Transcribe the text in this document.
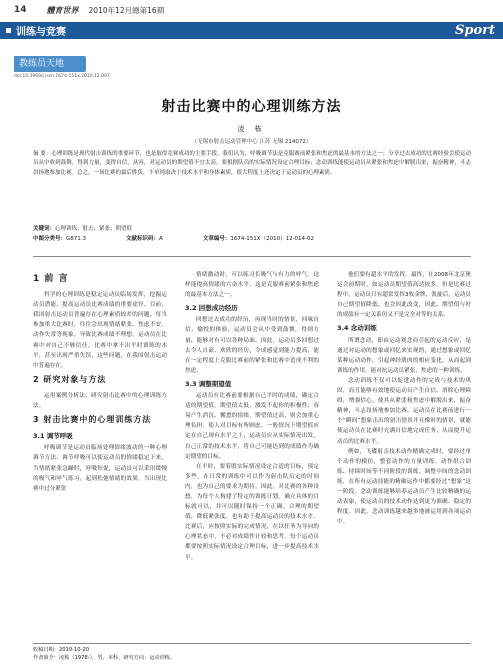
14	體育世界 2010年12月總第16期
训练与竞赛	Sport
教练员天地
doi:10.3969/j.issn.1674-151x.2010.12.007
射击比赛中的心理训练方法
凌 栋
（无锡市射击运动管理中心 江苏 无锡 214072）
摘 要：心理训练是现代射击训练的重要环节，也是取得竞赛成功的主要手段。我们认为，呼吸调节法是克服赛前紧张和焦虑的最基本的方法之一；分享过去成功的比赛经验会使运动员从中收到鼓舞，得到力量，变得自信，从容，对运动员的期望值不宜太高，要根据队员的实际情况设定合理目标；念动训练能使运动员从紧张和焦虑中解脱出来，振奋精神，斗志昂扬地参加比赛。总之，一场比赛的最后胜负，不单纯取决于技术水平和身体素质，很大程度上还决定于运动员的心理素质。
关键词：心理训练；射击；紧张；期望值
中图分类号：G871.3	文献标识码：A	文章编号：1674-151X（2010）12-014-02

1 前 言

科学的心理训练是稳定运动员临场发挥，挖掘运动员潜能、提高运动员比赛成绩的重要途径。目前，我国射击运动员普遍存在心理素质较差的问题，每当参加重大比赛时，往往会出现情绪紧张、焦虑不安、动作失常等现象，导致比赛成绩不理想。运动员在比赛中对自己不够信任，比赛中拿不出平时训练的水平，甚至出现严重失误，这些问题，在我国射击运动中普遍存在。

2 研究对象与方法

运用案例分析法、研究射击比赛中的心理训练方法。

3 射击比赛中的心理训练方法

3.1 调节呼吸

呼吸调节是运动员临场处理情绪波动的一种心理调节方法。调节呼吸可以使运动员的情绪稳定下来，当情绪紧张急躁时，呼吸短促，运动员可以采用缓慢的吸气和呼气练习，起到松弛情绪的效果。当出现比赛中过分紧张

情绪激动时，可以练习长吸气与有力的呼气。这样能提高情绪的兴奋水平，这是克服赛前紧张和焦虑的最基本方法之一。

3.2 回想成功经历

回想过去成功的经历，再现当时的情景，回味自信、愉悦的体验，运动员会从中受到鼓舞，得到力量，能够对有可以各种局面。因此，运动员多回想过去令人自豪、欢欣的经历，令成感觉到能力提高，能在一定程度上克服比赛前的紧张和比赛中造成不利的焦虑。

3.3 调整期望值

运动员在比赛前要根据自己平时的成绩，确定合适的期望值。期望值太低，激发不起你的积极性；容易产生消沉、懈怠的情绪，期望值过高，则会加重心理负担，使人对目标有所顾虑。一般情况下期望值应定在自己现有水平之上，运动员应从实际情况出发，自己正常的技术水平，将自己可能达到的成绩作为确定期望的目标。

在平时，要着眼实际情况设定合适的目标，预定多些，在日常的训练中可以作为射击队员定的时间内，也为自己的要求为期待。因此，对比赛的各种设想，为每个人构建了特定的训练计划。确立具体的目标就可以，并可以随时保持一个正确、合理的期望值，降低紧张度，也有助于提高运动员的技术水平。比赛后，应按照实际的完成情况，在以任务为导向的心理状态中，不必对成绩作计较和思考。每个运动员都要按照实际情况设定合理目标，进一步提高技术水平。

他们要有超水平的发挥。最终，在2008年北京奥运会前期时，如运动员期望值高达较多，但是比赛过程中，运动员只有超常发挥3枚金牌，凯旋后，运动员自己期望值降低，也会因此改变，因此，期望值与好的成绩有一定关系但又不是完全对等的关系。

3.4 念动训练

所谓念动，即由运动观念而引起的运动反应，是通过对运动的想象或回忆来实现的，通过想象或回忆某种运动动作，引起神经肌肉的相应变化，从而起到训练的作用，能对抗运动员紧张、焦虑的一种训练。

念动训练不仅可以促进动作的完成与技术的巩固，而且能够有效地使运动员产生自信、消除心理障碍，增强信心，使其从紧张和焦虑中解脱出来，振奋精神，斗志昂扬地参加比赛。运动员在比赛前进行一个“瞬间”想象击出的射击情景并且像时的情景，就能使运动员在比赛时充满自信地完成任务，从而提升运动员的比赛水平。

例如，飞碟射击技术动作精确完成时，要经过单个动作的模仿、整套动作的力量训练、动作组合训练、持续时间等不同阶段的训练。调整中间的念动训练，在所有运动技能的精确运作中都要经过“想象”这一阶段。念动训练能够培养运动员产生比较精确的运动表象，使运动员的技术动作达到更为准确、稳定的程度。因此，念动训练越来越多地被运用到各项运动中。

收稿日期：2010-10-20
作者简介：凌栋（1978-），男，本科，研究方向：运动训练。
